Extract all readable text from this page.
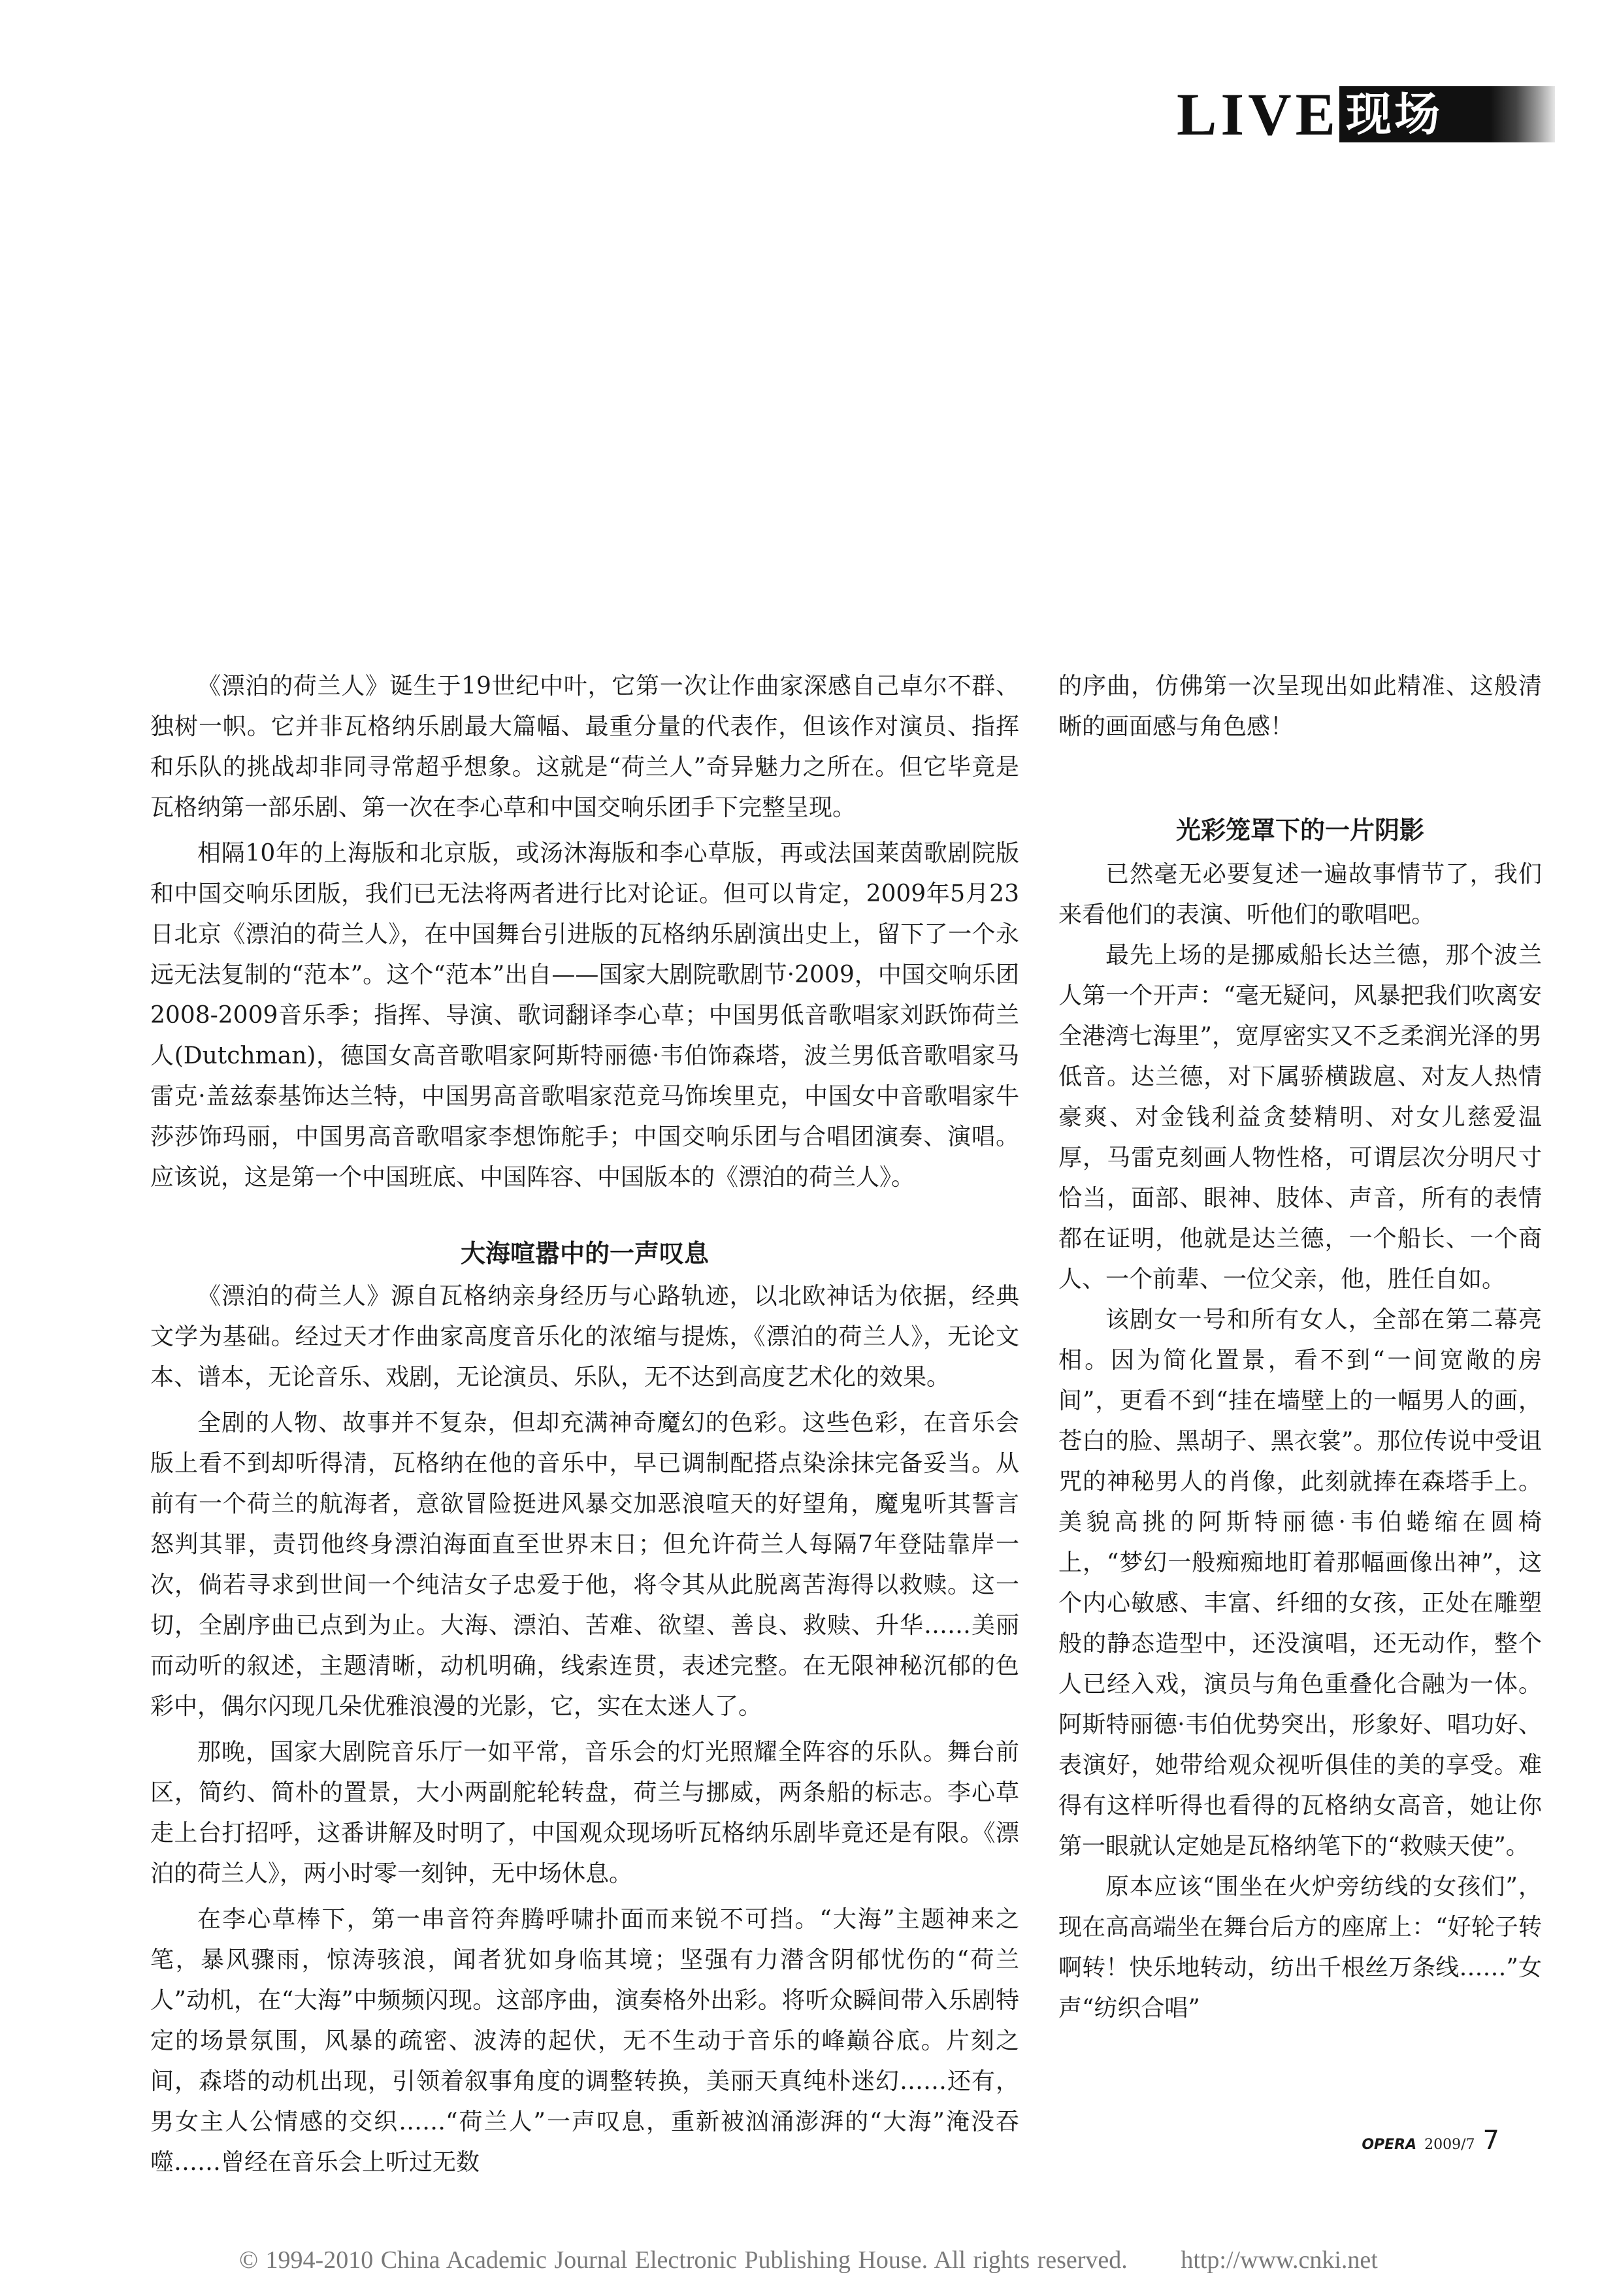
LIVE 现场

《漂泊的荷兰人》诞生于19世纪中叶，它第一次让作曲家深感自己卓尔不群、独树一帜。它并非瓦格纳乐剧最大篇幅、最重分量的代表作，但该作对演员、指挥和乐队的挑战却非同寻常超乎想象。这就是“荷兰人”奇异魅力之所在。但它毕竟是瓦格纳第一部乐剧、第一次在李心草和中国交响乐团手下完整呈现。

相隔10年的上海版和北京版，或汤沐海版和李心草版，再或法国莱茵歌剧院版和中国交响乐团版，我们已无法将两者进行比对论证。但可以肯定，2009年5月23日北京《漂泊的荷兰人》，在中国舞台引进版的瓦格纳乐剧演出史上，留下了一个永远无法复制的“范本”。这个“范本”出自——国家大剧院歌剧节·2009，中国交响乐团2008-2009音乐季；指挥、导演、歌词翻译李心草；中国男低音歌唱家刘跃饰荷兰人(Dutchman)，德国女高音歌唱家阿斯特丽德·韦伯饰森塔，波兰男低音歌唱家马雷克·盖兹泰基饰达兰特，中国男高音歌唱家范竞马饰埃里克，中国女中音歌唱家牛莎莎饰玛丽，中国男高音歌唱家李想饰舵手；中国交响乐团与合唱团演奏、演唱。应该说，这是第一个中国班底、中国阵容、中国版本的《漂泊的荷兰人》。

大海喧嚣中的一声叹息

《漂泊的荷兰人》源自瓦格纳亲身经历与心路轨迹，以北欧神话为依据，经典文学为基础。经过天才作曲家高度音乐化的浓缩与提炼，《漂泊的荷兰人》，无论文本、谱本，无论音乐、戏剧，无论演员、乐队，无不达到高度艺术化的效果。

全剧的人物、故事并不复杂，但却充满神奇魔幻的色彩。这些色彩，在音乐会版上看不到却听得清，瓦格纳在他的音乐中，早已调制配搭点染涂抹完备妥当。从前有一个荷兰的航海者，意欲冒险挺进风暴交加恶浪喧天的好望角，魔鬼听其誓言怒判其罪，责罚他终身漂泊海面直至世界末日；但允许荷兰人每隔7年登陆靠岸一次，倘若寻求到世间一个纯洁女子忠爱于他，将令其从此脱离苦海得以救赎。这一切，全剧序曲已点到为止。大海、漂泊、苦难、欲望、善良、救赎、升华……美丽而动听的叙述，主题清晰，动机明确，线索连贯，表述完整。在无限神秘沉郁的色彩中，偶尔闪现几朵优雅浪漫的光影，它，实在太迷人了。

那晚，国家大剧院音乐厅一如平常，音乐会的灯光照耀全阵容的乐队。舞台前区，简约、简朴的置景，大小两副舵轮转盘，荷兰与挪威，两条船的标志。李心草走上台打招呼，这番讲解及时明了，中国观众现场听瓦格纳乐剧毕竟还是有限。《漂泊的荷兰人》，两小时零一刻钟，无中场休息。

在李心草棒下，第一串音符奔腾呼啸扑面而来锐不可挡。“大海”主题神来之笔，暴风骤雨，惊涛骇浪，闻者犹如身临其境；坚强有力潜含阴郁忧伤的“荷兰人”动机，在“大海”中频频闪现。这部序曲，演奏格外出彩。将听众瞬间带入乐剧特定的场景氛围，风暴的疏密、波涛的起伏，无不生动于音乐的峰巅谷底。片刻之间，森塔的动机出现，引领着叙事角度的调整转换，美丽天真纯朴迷幻……还有，男女主人公情感的交织……“荷兰人”一声叹息，重新被汹涌澎湃的“大海”淹没吞噬……曾经在音乐会上听过无数

的序曲，仿佛第一次呈现出如此精准、这般清晰的画面感与角色感！

光彩笼罩下的一片阴影

已然毫无必要复述一遍故事情节了，我们来看他们的表演、听他们的歌唱吧。

最先上场的是挪威船长达兰德，那个波兰人第一个开声：“毫无疑问，风暴把我们吹离安全港湾七海里”，宽厚密实又不乏柔润光泽的男低音。达兰德，对下属骄横跋扈、对友人热情豪爽、对金钱利益贪婪精明、对女儿慈爱温厚，马雷克刻画人物性格，可谓层次分明尺寸恰当，面部、眼神、肢体、声音，所有的表情都在证明，他就是达兰德，一个船长、一个商人、一个前辈、一位父亲，他，胜任自如。

该剧女一号和所有女人，全部在第二幕亮相。因为简化置景，看不到“一间宽敞的房间”，更看不到“挂在墙壁上的一幅男人的画，苍白的脸、黑胡子、黑衣裳”。那位传说中受诅咒的神秘男人的肖像，此刻就捧在森塔手上。美貌高挑的阿斯特丽德·韦伯蜷缩在圆椅上，“梦幻一般痴痴地盯着那幅画像出神”，这个内心敏感、丰富、纤细的女孩，正处在雕塑般的静态造型中，还没演唱，还无动作，整个人已经入戏，演员与角色重叠化合融为一体。阿斯特丽德·韦伯优势突出，形象好、唱功好、表演好，她带给观众视听俱佳的美的享受。难得有这样听得也看得的瓦格纳女高音，她让你第一眼就认定她是瓦格纳笔下的“救赎天使”。

原本应该“围坐在火炉旁纺线的女孩们”，现在高高端坐在舞台后方的座席上：“好轮子转啊转！快乐地转动，纺出千根丝万条线……”女声“纺织合唱”

OPERA 2009/7 7
© 1994-2010 China Academic Journal Electronic Publishing House. All rights reserved. http://www.cnki.net
